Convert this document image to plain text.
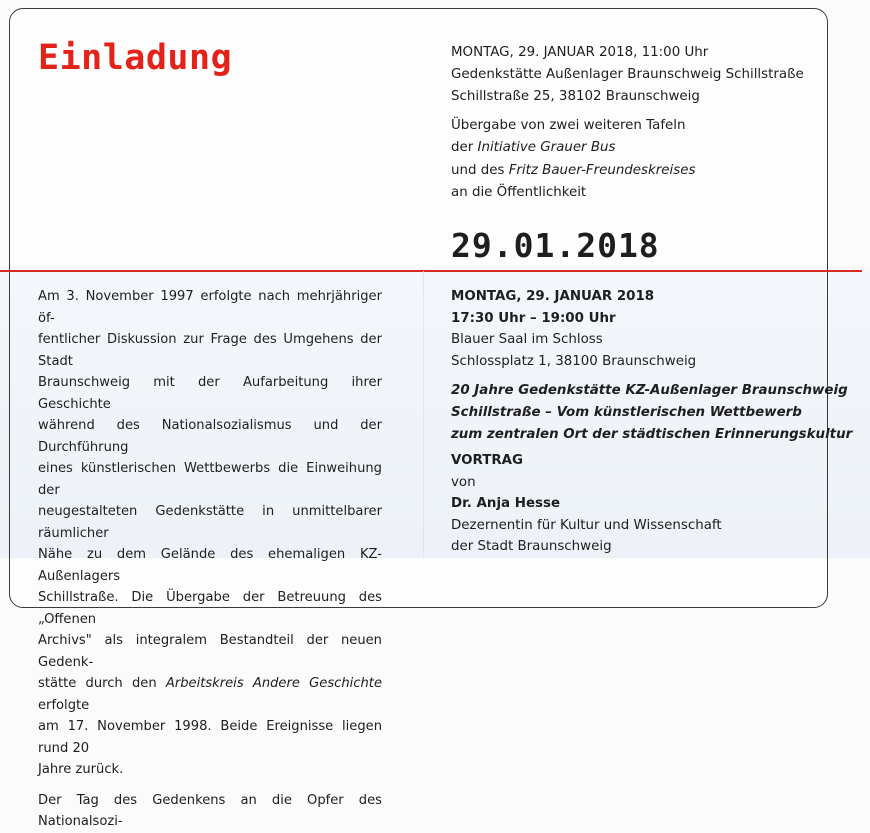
Einladung	MONTAG, 29. JANUAR 2018, 11:00 Uhr
Gedenkstätte Außenlager Braunschweig Schillstraße
Schillstraße 25, 38102 Braunschweig
Übergabe von zwei weiteren Tafeln
der Initiative Grauer Bus
und des Fritz Bauer-Freundeskreises
an die Öffentlichkeit
29.01.2018
MONTAG, 29. JANUAR 2018
17:30 Uhr – 19:00 Uhr
Blauer Saal im Schloss
Schlossplatz 1, 38100 Braunschweig
20 Jahre Gedenkstätte KZ-Außenlager Braunschweig
Schillstraße – Vom künstlerischen Wettbewerb
zum zentralen Ort der städtischen Erinnerungskultur
VORTRAG
von
Dr. Anja Hesse
Dezernentin für Kultur und Wissenschaft
der Stadt Braunschweig

Am 3. November 1997 erfolgte nach mehrjähriger öf-
fentlicher Diskussion zur Frage des Umgehens der Stadt
Braunschweig mit der Aufarbeitung ihrer Geschichte
während des Nationalsozialismus und der Durchführung
eines künstlerischen Wettbewerbs die Einweihung der
neugestalteten Gedenkstätte in unmittelbarer räumlicher
Nähe zu dem Gelände des ehemaligen KZ-Außenlagers
Schillstraße. Die Übergabe der Betreuung des „Offenen
Archivs" als integralem Bestandteil der neuen Gedenk-
stätte durch den Arbeitskreis Andere Geschichte erfolgte
am 17. November 1998. Beide Ereignisse liegen rund 20
Jahre zurück.

Der Tag des Gedenkens an die Opfer des Nationalsozi-
